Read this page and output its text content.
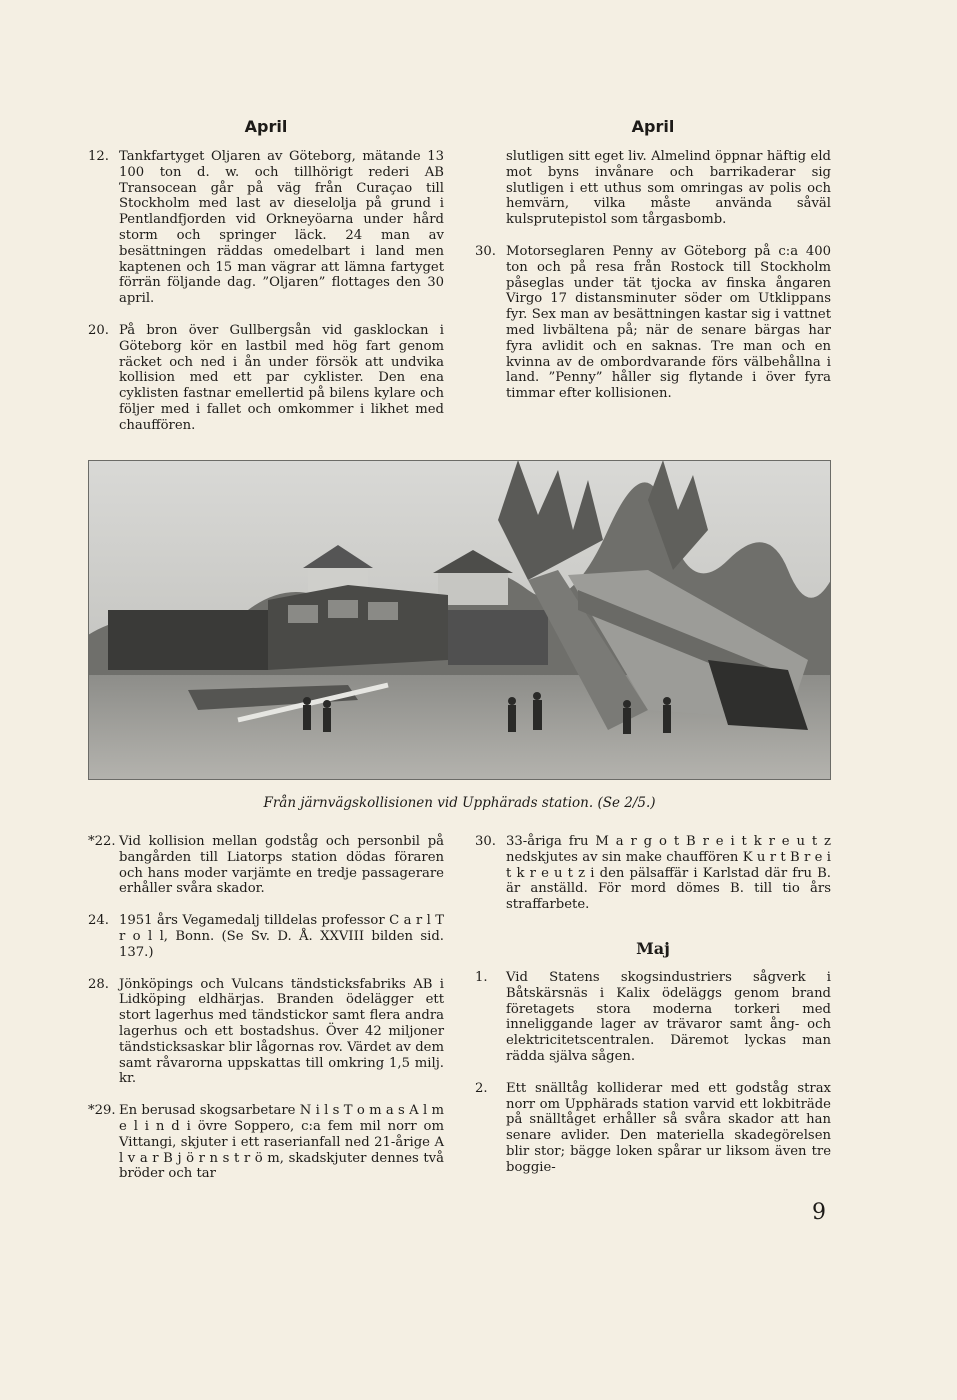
April
12. Tankfartyget Oljaren av Göteborg, mätande 13 100 ton d. w. och tillhörigt rederi AB Transocean går på väg från Curaçao till Stockholm med last av dieselolja på grund i Pentlandfjorden vid Orkneyöarna under hård storm och springer läck. 24 man av besättningen räddas omedelbart i land men kaptenen och 15 man vägrar att lämna fartyget förrän följande dag. ”Oljaren” flottages den 30 april.
20. På bron över Gullbergsån vid gasklockan i Göteborg kör en lastbil med hög fart genom räcket och ned i ån under försök att undvika kollision med ett par cyklister. Den ena cyklisten fastnar emellertid på bilens kylare och följer med i fallet och omkommer i likhet med chauffören.
April
slutligen sitt eget liv. Almelind öppnar häftig eld mot byns invånare och barrikaderar sig slutligen i ett uthus som omringas av polis och hemvärn, vilka måste använda såväl kulsprutepistol som tårgasbomb.
30. Motorseglaren Penny av Göteborg på c:a 400 ton och på resa från Rostock till Stockholm påseglas under tät tjocka av finska ångaren Virgo 17 distansminuter söder om Utklippans fyr. Sex man av besättningen kastar sig i vattnet med livbältena på; när de senare bärgas har fyra avlidit och en saknas. Tre man och en kvinna av de ombordvarande förs välbehållna i land. ”Penny” håller sig flytande i över fyra timmar efter kollisionen.
Från järnvägskollisionen vid Upphärads station. (Se 2/5.)
*22. Vid kollision mellan godståg och personbil på bangården till Liatorps station dödas föraren och hans moder varjämte en tredje passagerare erhåller svåra skador.
24. 1951 års Vegamedalj tilldelas professor C a r l T r o l l, Bonn. (Se Sv. D. Å. XXVIII bilden sid. 137.)
28. Jönköpings och Vulcans tändsticksfabriks AB i Lidköping eldhärjas. Branden ödelägger ett stort lagerhus med tändstickor samt flera andra lagerhus och ett bostadshus. Över 42 miljoner tändsticksaskar blir lågornas rov. Värdet av dem samt råvarorna uppskattas till omkring 1,5 milj. kr.
*29. En berusad skogsarbetare N i l s T o m a s A l m e l i n d i övre Soppero, c:a fem mil norr om Vittangi, skjuter i ett raserianfall ned 21-årige A l v a r B j ö r n s t r ö m, skadskjuter dennes två bröder och tar
30. 33-åriga fru M a r g o t B r e i t k r e u t z nedskjutes av sin make chauffören K u r t B r e i t k r e u t z i den pälsaffär i Karlstad där fru B. är anställd. För mord dömes B. till tio års straffarbete.
Maj
1.	Vid Statens skogsindustriers sågverk i Båtskärsnäs i Kalix ödeläggs genom brand företagets stora moderna torkeri med inneliggande lager av trävaror samt ång- och elektricitetscentralen. Däremot lyckas man rädda själva sågen.
2.	Ett snälltåg kolliderar med ett godståg strax norr om Upphärads station varvid ett lokbiträde på snälltåget erhåller så svåra skador att han senare avlider. Den materiella skadegörelsen blir stor; bägge loken spårar ur liksom även tre boggie-
9
